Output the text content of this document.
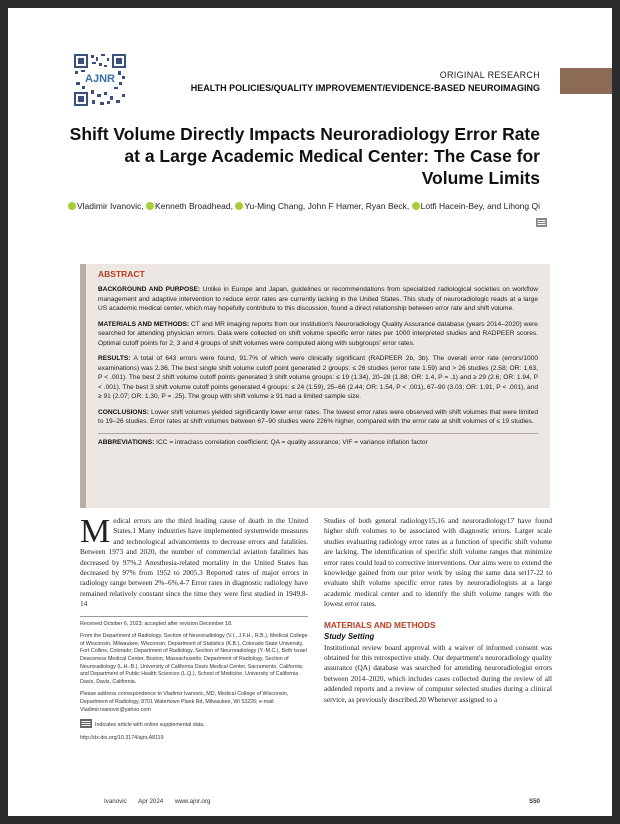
AJNR	ORIGINAL RESEARCH
HEALTH POLICIES/QUALITY IMPROVEMENT/EVIDENCE-BASED NEUROIMAGING
Shift Volume Directly Impacts Neuroradiology Error Rate at a Large Academic Medical Center: The Case for Volume Limits
Vladimir Ivanovic, Kenneth Broadhead, Yu-Ming Chang, John F Hamer, Ryan Beck, Lotfi Hacein-Bey, and Lihong Qi
ABSTRACT

BACKGROUND AND PURPOSE: Unlike in Europe and Japan, guidelines or recommendations from specialized radiological societies on workflow management and adaptive intervention to reduce error rates are currently lacking in the United States. This study of neuroradiologic reads at a large US academic medical center, which may hopefully contribute to this discussion, found a direct relationship between error rate and shift volume.

MATERIALS AND METHODS: CT and MR imaging reports from our institution's Neuroradiology Quality Assurance database (years 2014–2020) were searched for attending physician errors. Data were collected on shift volume specific error rates per 1000 interpreted studies and RADPEER scores. Optimal cutoff points for 2, 3 and 4 groups of shift volumes were computed along with subgroups' error rates.

RESULTS: A total of 643 errors were found, 91.7% of which were clinically significant (RADPEER 2b, 3b). The overall error rate (errors/1000 examinations) was 2.36. The best single shift volume cutoff point generated 2 groups: ≤ 26 studies (error rate 1.59) and > 26 studies (2.58; OR: 1.63, P < .001). The best 2 shift volume cutoff points generated 3 shift volume groups: ≤ 19 (1.34), 20–28 (1.88; OR: 1.4, P = .1) and ≥ 29 (2.6; OR: 1.94, P < .001). The best 3 shift volume cutoff points generated 4 groups: ≤ 24 (1.59), 25–66 (2.44; OR: 1.54, P < .001), 67–90 (3.03; OR: 1.91, P < .001), and ≥ 91 (2.07; OR: 1.30, P = .25). The group with shift volume ≥ 91 had a limited sample size.

CONCLUSIONS: Lower shift volumes yielded significantly lower error rates. The lowest error rates were observed with shift volumes that were limited to 19–26 studies. Error rates at shift volumes between 67–90 studies were 226% higher, compared with the error rate at shift volumes of ≤ 19 studies.

ABBREVIATIONS: ICC = intraclass correlation coefficient; QA = quality assurance; VIF = variance inflation factor

Medical errors are the third leading cause of death in the United States.1 Many industries have implemented systemwide measures and technological advancements to decrease errors and fatalities. Between 1973 and 2020, the number of commercial aviation fatalities has decreased by 97%.2 Anesthesia-related mortality in the United States has decreased by 97% from 1952 to 2005.3 Reported rates of major errors in radiology range between 2%–6%.4-7 Error rates in diagnostic radiology have remained relatively constant since the time they were first studied in 1949.8-14

Received October 6, 2023; accepted after revision December 18.

From the Department of Radiology, Section of Neuroradiology (V.I., J.F.H., R.B.), Medical College of Wisconsin, Milwaukee, Wisconsin; Department of Statistics (K.B.), Colorado State University, Fort Collins, Colorado; Department of Radiology, Section of Neuroradiology (Y.-M.C.), Beth Israel Deaconess Medical Center, Boston, Massachusetts; Department of Radiology, Section of Neuroradiology (L.H.-B.), University of California Davis Medical Center, Sacramento, California; and Department of Public Health Sciences (L.Q.), School of Medicine, University of California Davis, Davis, California.

Please address correspondence to Vladimir Ivanovic, MD, Medical College of Wisconsin, Department of Radiology, 8701 Watertown Plank Rd, Milwaukee, WI 53226; e-mail: Vladimir.ivanovic@yahoo.com

Indicates article with online supplemental data.

http://dx.doi.org/10.3174/ajnr.A8119

Studies of both general radiology15,16 and neuroradiology17 have found higher shift volumes to be associated with diagnostic errors. Larger scale studies evaluating radiology error rates as a function of specific shift volume are lacking. The identification of specific shift volume ranges that minimize error rates could lead to corrective interventions. Our aims were to extend the knowledge gained from our prior work by using the same data set17-22 to evaluate shift volume specific error rates by neuroradiologists at a large academic medical center and to identify the shift volume ranges with the lowest error rates.

MATERIALS AND METHODS
Study Setting

Institutional review board approval with a waiver of informed consent was obtained for this retrospective study. Our department's neuroradiology quality assurance (QA) database was searched for attending neuroradiologist errors between 2014–2020, which includes cases collected during the review of all addended reports and a review of computer selected studies during a clinical service, as previously described.20 Whenever assigned to a

Ivanovic Apr 2024 www.ajnr.org	S50
